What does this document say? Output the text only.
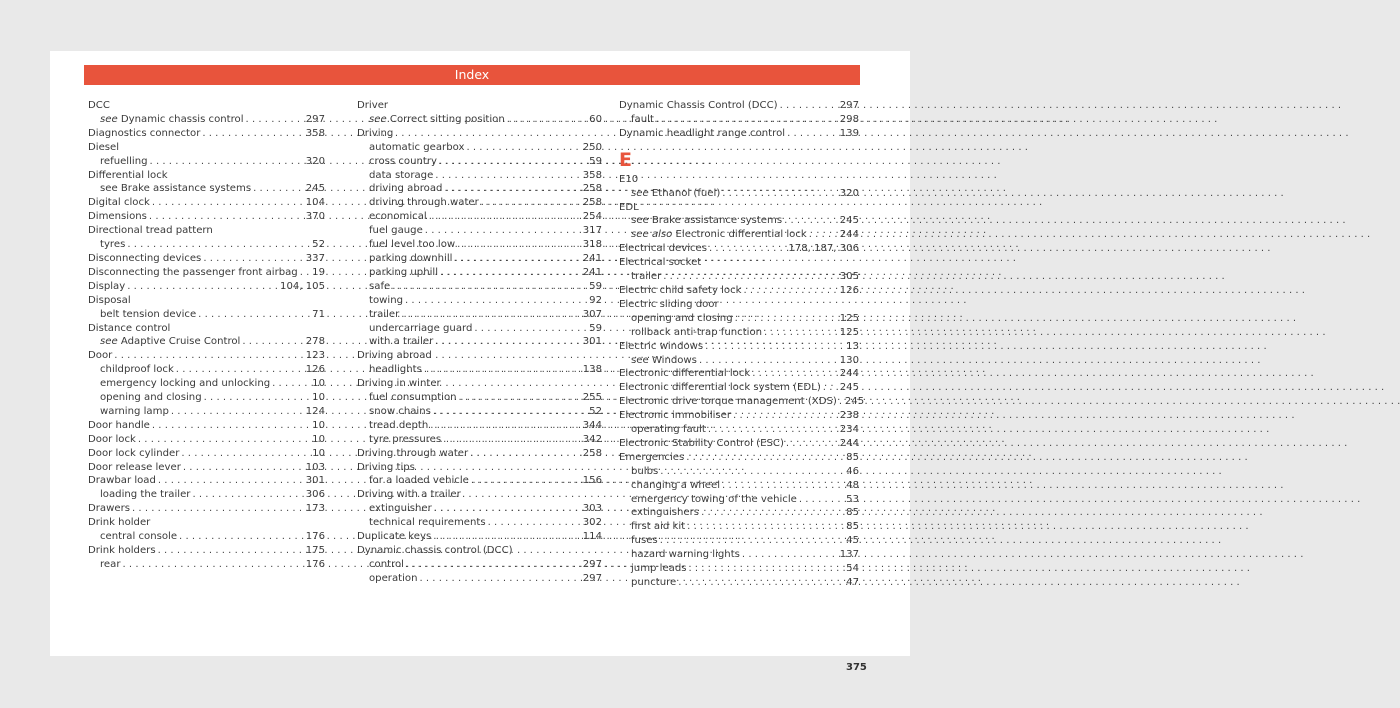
Index
DCC
see Dynamic chassis control . . .	297
Diagnostics connector . . .	358
Diesel
refuelling . . .	320
Differential lock
see Brake assistance systems . . .	245
Digital clock . . .	104
Dimensions . . .	370
Directional tread pattern
tyres . . .	52
Disconnecting devices . . .	337
Disconnecting the passenger front airbag . . . 19
Display . . .	104, 105
Disposal
belt tension device . . .	71
Distance control
see Adaptive Cruise Control . . .	278
Door . . .	123
childproof lock . . .	126
emergency locking and unlocking . . .	10
opening and closing . . .	10
warning lamp . . .	124
Door handle . . .	10
Door lock . . .	10
Door lock cylinder . . .	10
Door release lever . . .	103
Drawbar load . . .	301
loading the trailer . . .	306
Drawers . . .	173
Drink holder
central console . . .	176
Drink holders . . .	175
rear . . .	176
Driver
see Correct sitting position . . .	60
Driving
automatic gearbox . . .	250
cross country . . .	59
data storage . . .	358
driving abroad . . .	258
driving through water . . .	258
economical . . .	254
fuel gauge . . .	317
fuel level too low . . .	318
parking downhill . . .	241
parking uphill . . .	241
safe . . .	59
towing . . .	92
trailer . . .	307
undercarriage guard . . .	59
with a trailer . . .	301
Driving abroad
headlights . . .	138
Driving in winter
fuel consumption . . .	255
snow chains . . .	52
tread depth . . .	344
tyre pressures . . .	342
Driving through water . . .	258
Driving tips
for a loaded vehicle . . .	156
Driving with a trailer
extinguisher . . .	303
technical requirements . . .	302
Duplicate keys . . .	114
Dynamic chassis control (DCC)
control . . .	297
operation . . .	297
Dynamic Chassis Control (DCC) . . .	297
fault . . .	298
Dynamic headlight range control . . .	139
E
E10
see Ethanol (fuel) . . .	320
EDL
see Brake assistance systems . . .	245
see also Electronic differential lock . . .	244
Electrical devices . . .	178, 187, 306
Electrical socket
trailer . . .	305
Electric child safety lock . . .	126
Electric sliding door
opening and closing . . .	125
rollback anti-trap function . . .	125
Electric windows . . .	13
see Windows . . .	130
Electronic differential lock . . .	244
Electronic differential lock system (EDL) . . . 245
Electronic drive torque management (XDS) . . . 245
Electronic immobiliser . . .	238
operating fault . . .	234
Electronic Stability Control (ESC) . . .	244
Emergencies . . .	85
bulbs . . .	46
changing a wheel . . .	48
emergency towing of the vehicle . . .	53
extinguishers . . .	85
first aid kit . . .	85
fuses . . .	45
hazard warning lights . . .	137
jump leads . . .	54
puncture . . .	47
375
